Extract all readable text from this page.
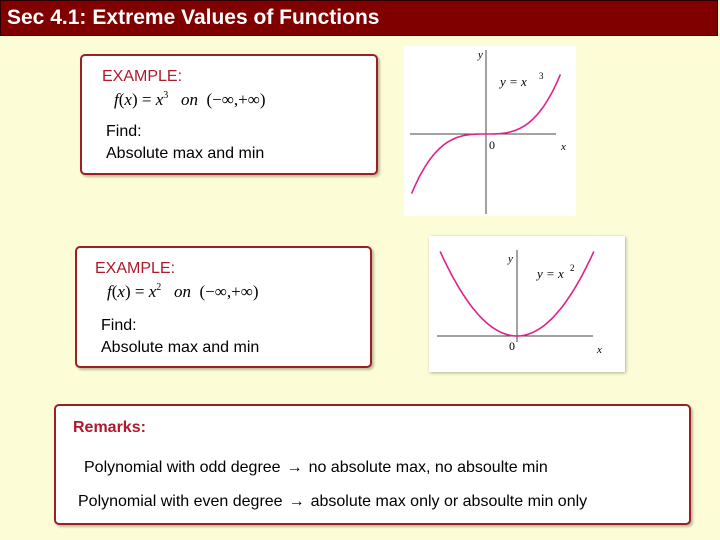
Sec 4.1: Extreme Values of Functions
EXAMPLE:
$f(x) = x^3$ on (−∞,+∞)
Find:
Absolute max and min
y
x
0
y = x 3
EXAMPLE:
$f(x) = x^2$ on (−∞,+∞)
Find:
Absolute max and min
y
x
0
y = x 2
Remarks:
Polynomial with odd degree → no absolute max, no absoulte min
Polynomial with even degree → absolute max only or absoulte min only
